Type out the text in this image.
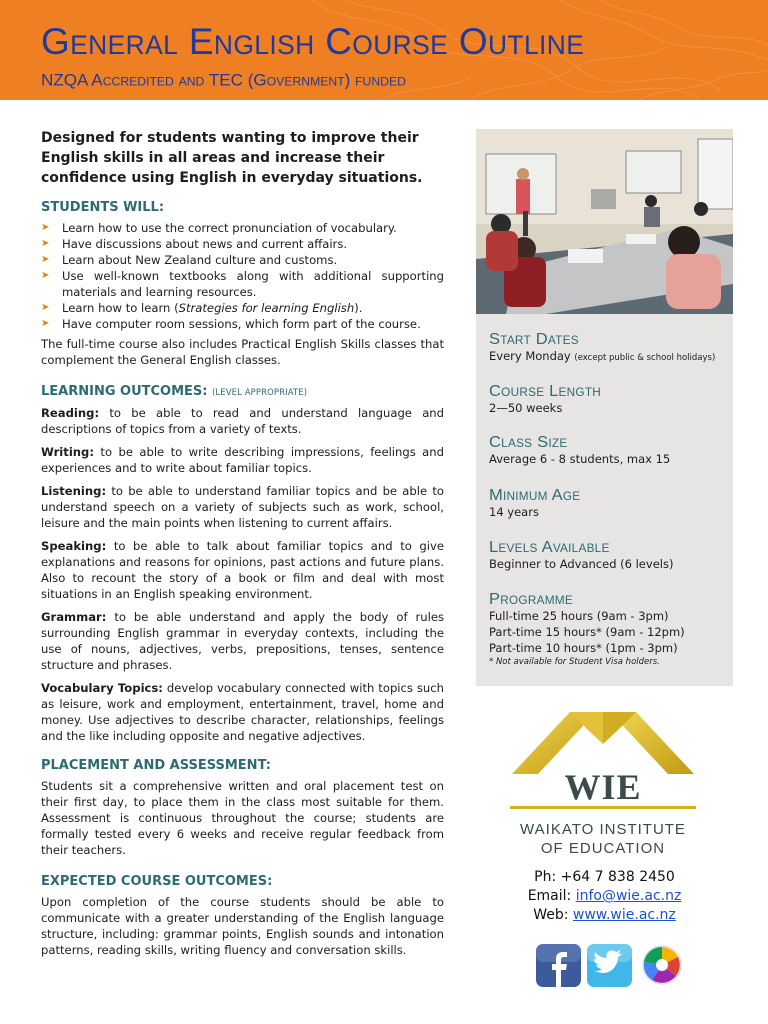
General English Course Outline
NZQA Accredited and TEC (Government) funded

Designed for students wanting to improve their English skills in all areas and increase their confidence using English in everyday situations.

STUDENTS WILL:
➤ Learn how to use the correct pronunciation of vocabulary.
➤ Have discussions about news and current affairs.
➤ Learn about New Zealand culture and customs.
➤ Use well-known textbooks along with additional supporting materials and learning resources.
➤ Learn how to learn (Strategies for learning English).
➤ Have computer room sessions, which form part of the course.

The full-time course also includes Practical English Skills classes that complement the General English classes.

LEARNING OUTCOMES: (LEVEL APPROPRIATE)
Reading: to be able to read and understand language and descriptions of topics from a variety of texts.
Writing: to be able to write describing impressions, feelings and experiences and to write about familiar topics.
Listening: to be able to understand familiar topics and be able to understand speech on a variety of subjects such as work, school, leisure and the main points when listening to current affairs.
Speaking: to be able to talk about familiar topics and to give explanations and reasons for opinions, past actions and future plans. Also to recount the story of a book or film and deal with most situations in an English speaking environment.
Grammar: to be able understand and apply the body of rules surrounding English grammar in everyday contexts, including the use of nouns, adjectives, verbs, prepositions, tenses, sentence structure and phrases.
Vocabulary Topics: develop vocabulary connected with topics such as leisure, work and employment, entertainment, travel, home and money. Use adjectives to describe character, relationships, feelings and the like including opposite and negative adjectives.
PLACEMENT AND ASSESSMENT:

Students sit a comprehensive written and oral placement test on their first day, to place them in the class most suitable for them. Assessment is continuous throughout the course; students are formally tested every 6 weeks and receive regular feedback from their teachers.

EXPECTED COURSE OUTCOMES:

Upon completion of the course students should be able to communicate with a greater understanding of the English language structure, including: grammar points, English sounds and intonation patterns, reading skills, writing fluency and conversation skills.

Start Dates
Every Monday (except public & school holidays)
Course Length
2—50 weeks
Class Size
Average 6 - 8 students, max 15
Minimum Age
14 years
Levels Available
Beginner to Advanced (6 levels)
Programme
Full-time 25 hours (9am - 3pm)
Part-time 15 hours* (9am - 12pm)
Part-time 10 hours* (1pm - 3pm)
* Not available for Student Visa holders.
WIE
WAIKATO INSTITUTE
OF EDUCATION
Ph: +64 7 838 2450
Email: info@wie.ac.nz
Web: www.wie.ac.nz
